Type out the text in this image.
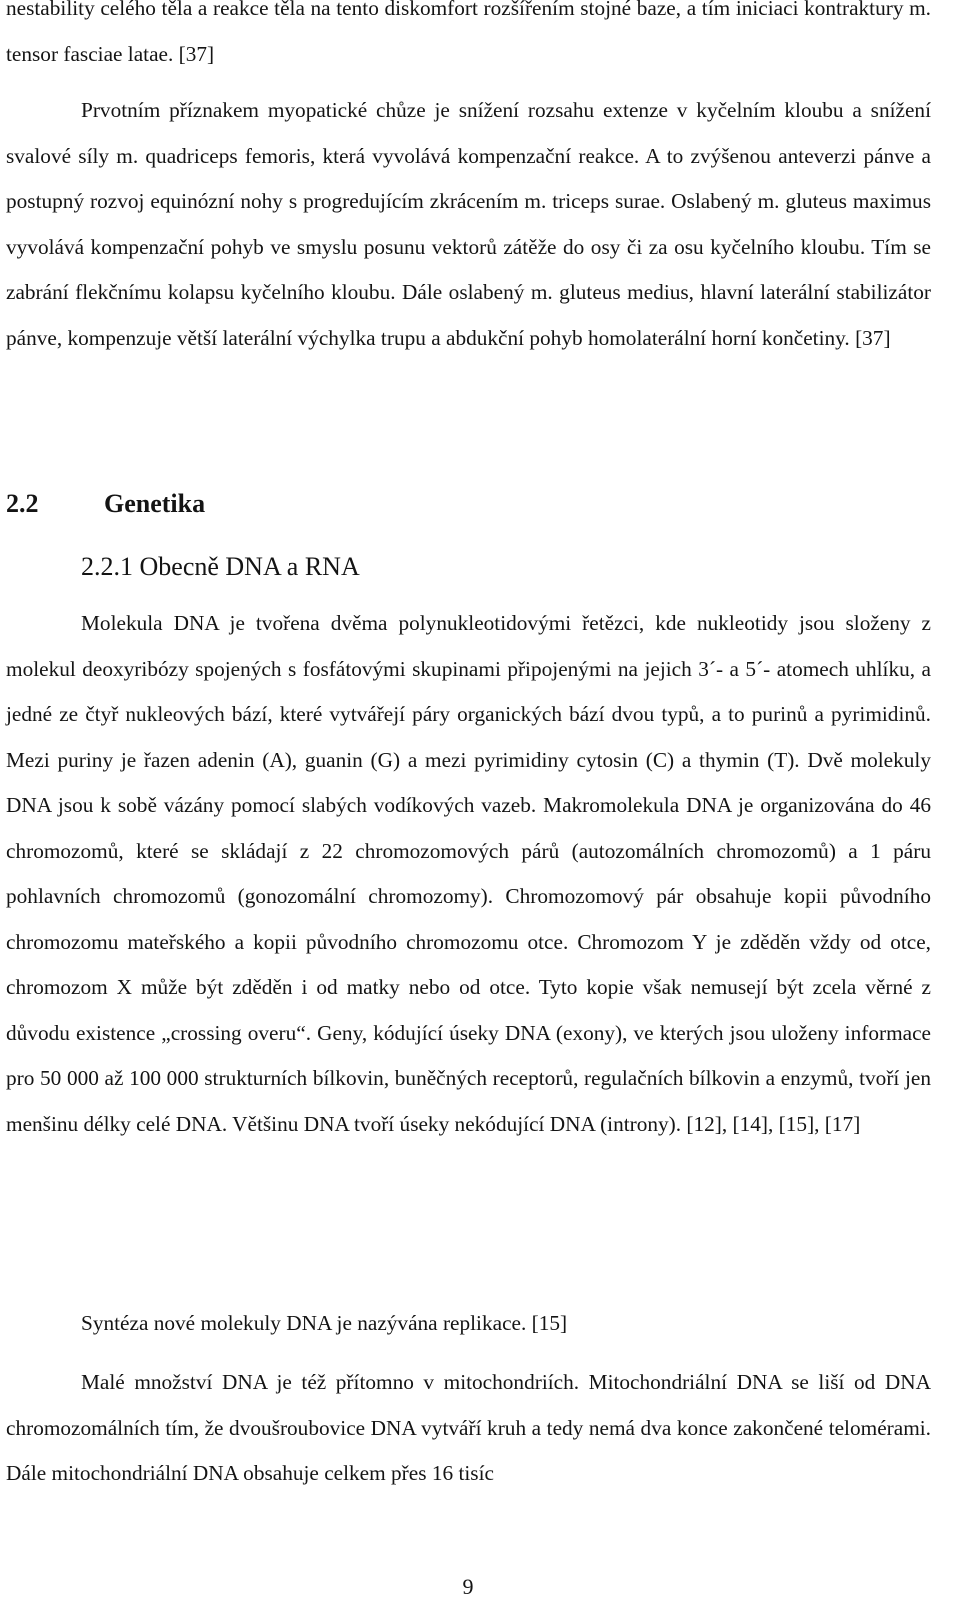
nestability celého těla a reakce těla na tento diskomfort rozšířením stojné baze, a tím iniciaci kontraktury m. tensor fasciae latae. [37]

Prvotním příznakem myopatické chůze je snížení rozsahu extenze v kyčelním kloubu a snížení svalové síly m. quadriceps femoris, která vyvolává kompenzační reakce. A to zvýšenou anteverzi pánve a postupný rozvoj equinózní nohy s progredujícím zkrácením m. triceps surae. Oslabený m. gluteus maximus vyvolává kompenzační pohyb ve smyslu posunu vektorů zátěže do osy či za osu kyčelního kloubu. Tím se zabrání flekčnímu kolapsu kyčelního kloubu. Dále oslabený m. gluteus medius, hlavní laterální stabilizátor pánve, kompenzuje větší laterální výchylka trupu a abdukční pohyb homolaterální horní končetiny. [37]

2.2	Genetika
2.2.1 Obecně DNA a RNA

Molekula DNA je tvořena dvěma polynukleotidovými řetězci, kde nukleotidy jsou složeny z molekul deoxyribózy spojených s fosfátovými skupinami připojenými na jejich 3´- a 5´- atomech uhlíku, a jedné ze čtyř nukleových bází, které vytvářejí páry organických bází dvou typů, a to purinů a pyrimidinů. Mezi puriny je řazen adenin (A), guanin (G) a mezi pyrimidiny cytosin (C) a thymin (T). Dvě molekuly DNA jsou k sobě vázány pomocí slabých vodíkových vazeb. Makromolekula DNA je organizována do 46 chromozomů, které se skládají z 22 chromozomových párů (autozomálních chromozomů) a 1 páru pohlavních chromozomů (gonozomální chromozomy). Chromozomový pár obsahuje kopii původního chromozomu mateřského a kopii původního chromozomu otce. Chromozom Y je zděděn vždy od otce, chromozom X může být zděděn i od matky nebo od otce. Tyto kopie však nemusejí být zcela věrné z důvodu existence „crossing overu“. Geny, kódující úseky DNA (exony), ve kterých jsou uloženy informace pro 50 000 až 100 000 strukturních bílkovin, buněčných receptorů, regulačních bílkovin a enzymů, tvoří jen menšinu délky celé DNA. Většinu DNA tvoří úseky nekódující DNA (introny). [12], [14], [15], [17]

Syntéza nové molekuly DNA je nazývána replikace. [15]

Malé množství DNA je též přítomno v mitochondriích. Mitochondriální DNA se liší od DNA chromozomálních tím, že dvoušroubovice DNA vytváří kruh a tedy nemá dva konce zakončené telomérami. Dále mitochondriální DNA obsahuje celkem přes 16 tisíc

9
